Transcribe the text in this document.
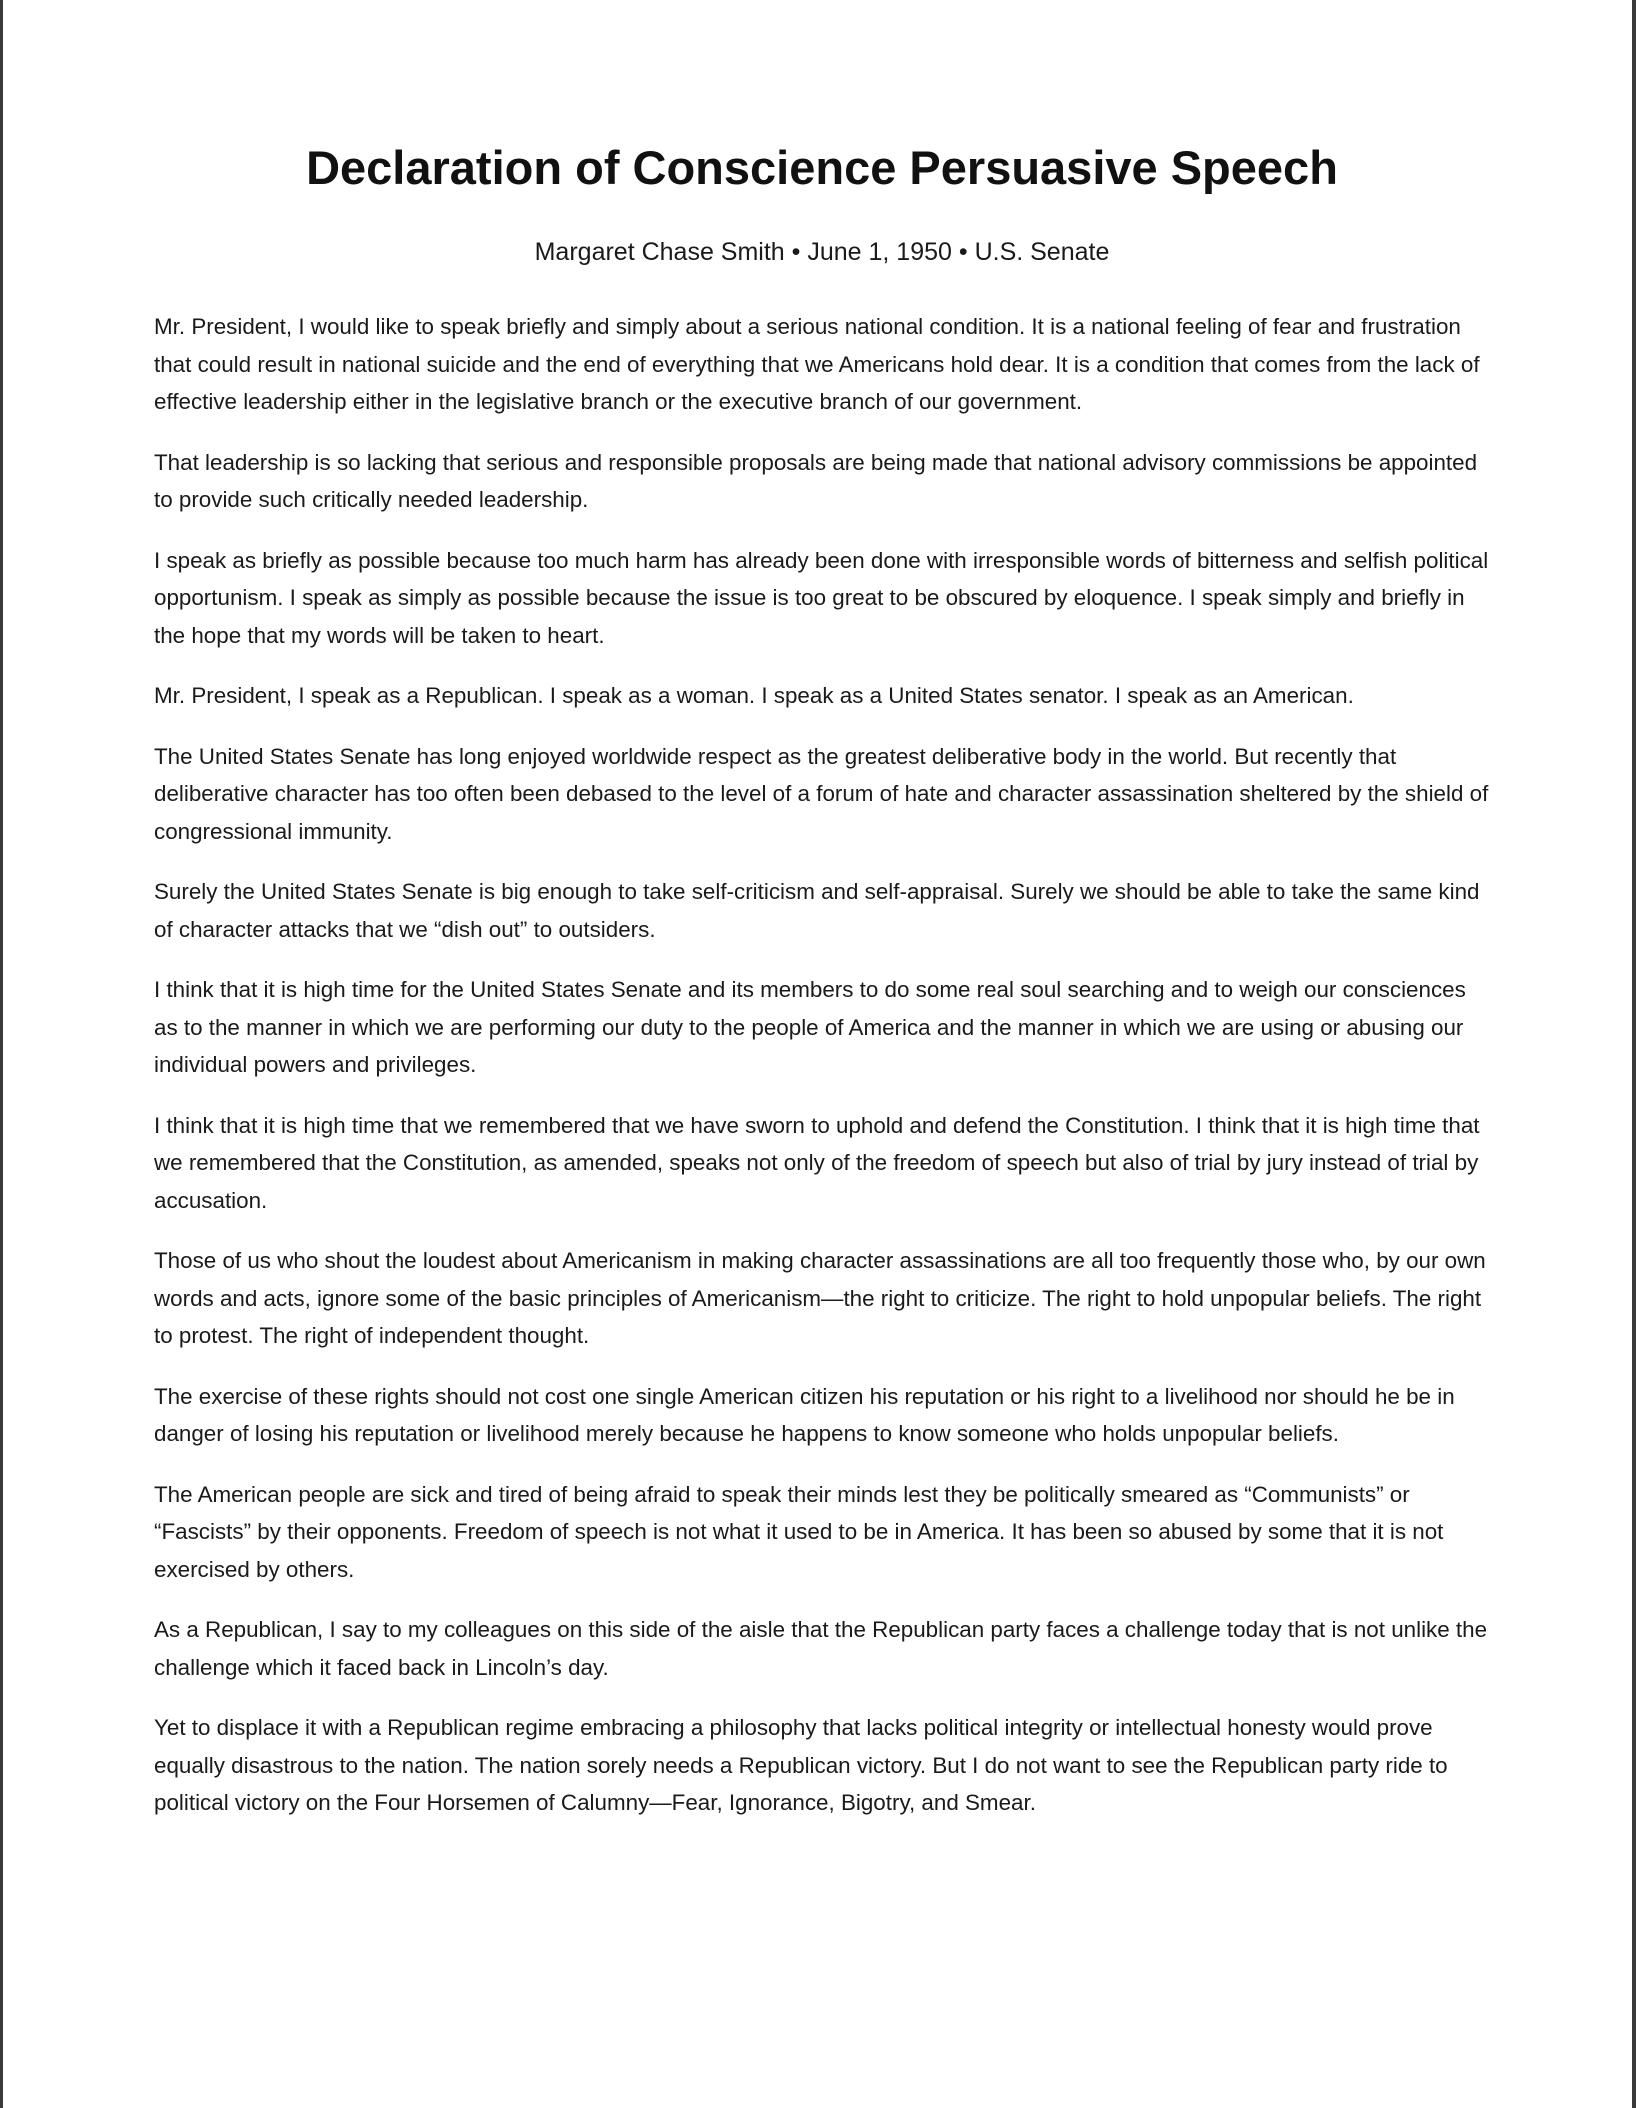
Declaration of Conscience Persuasive Speech
Margaret Chase Smith • June 1, 1950 • U.S. Senate

Mr. President, I would like to speak briefly and simply about a serious national condition. It is a national feeling of fear and frustration that could result in national suicide and the end of everything that we Americans hold dear. It is a condition that comes from the lack of effective leadership either in the legislative branch or the executive branch of our government.

That leadership is so lacking that serious and responsible proposals are being made that national advisory commissions be appointed to provide such critically needed leadership.

I speak as briefly as possible because too much harm has already been done with irresponsible words of bitterness and selfish political opportunism. I speak as simply as possible because the issue is too great to be obscured by eloquence. I speak simply and briefly in the hope that my words will be taken to heart.

Mr. President, I speak as a Republican. I speak as a woman. I speak as a United States senator. I speak as an American.

The United States Senate has long enjoyed worldwide respect as the greatest deliberative body in the world. But recently that deliberative character has too often been debased to the level of a forum of hate and character assassination sheltered by the shield of congressional immunity.

Surely the United States Senate is big enough to take self-criticism and self-appraisal. Surely we should be able to take the same kind of character attacks that we “dish out” to outsiders.

I think that it is high time for the United States Senate and its members to do some real soul searching and to weigh our consciences as to the manner in which we are performing our duty to the people of America and the manner in which we are using or abusing our individual powers and privileges.

I think that it is high time that we remembered that we have sworn to uphold and defend the Constitution. I think that it is high time that we remembered that the Constitution, as amended, speaks not only of the freedom of speech but also of trial by jury instead of trial by accusation.

Those of us who shout the loudest about Americanism in making character assassinations are all too frequently those who, by our own words and acts, ignore some of the basic principles of Americanism—the right to criticize. The right to hold unpopular beliefs. The right to protest. The right of independent thought.

The exercise of these rights should not cost one single American citizen his reputation or his right to a livelihood nor should he be in danger of losing his reputation or livelihood merely because he happens to know someone who holds unpopular beliefs.

The American people are sick and tired of being afraid to speak their minds lest they be politically smeared as “Communists” or “Fascists” by their opponents. Freedom of speech is not what it used to be in America. It has been so abused by some that it is not exercised by others.

As a Republican, I say to my colleagues on this side of the aisle that the Republican party faces a challenge today that is not unlike the challenge which it faced back in Lincoln’s day.

Yet to displace it with a Republican regime embracing a philosophy that lacks political integrity or intellectual honesty would prove equally disastrous to the nation. The nation sorely needs a Republican victory. But I do not want to see the Republican party ride to political victory on the Four Horsemen of Calumny—Fear, Ignorance, Bigotry, and Smear.
